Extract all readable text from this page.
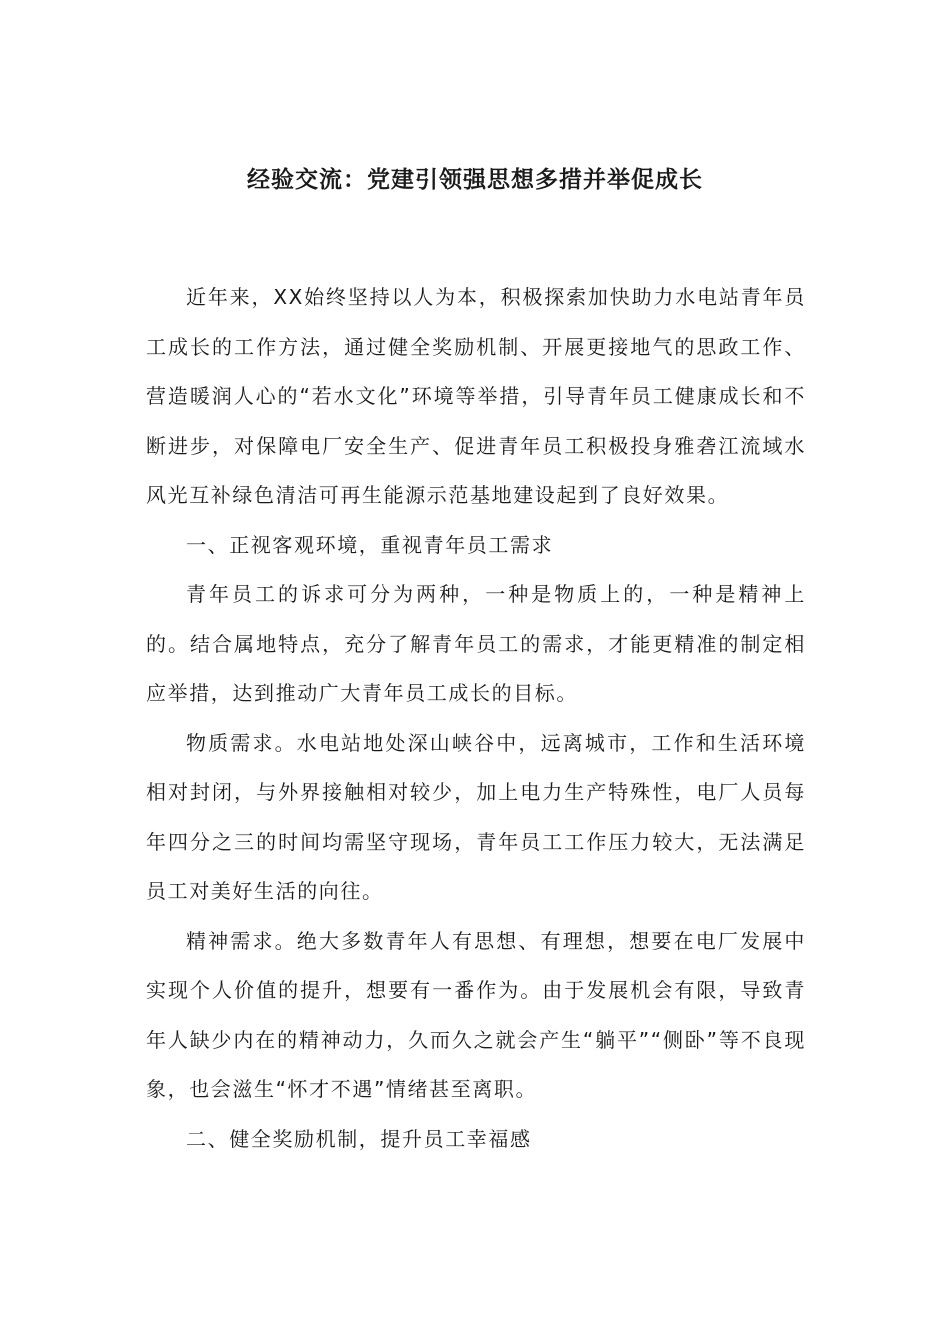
经验交流：党建引领强思想多措并举促成长

近年来，XX始终坚持以人为本，积极探索加快助力水电站青年员工成长的工作方法，通过健全奖励机制、开展更接地气的思政工作、营造暖润人心的“若水文化”环境等举措，引导青年员工健康成长和不断进步，对保障电厂安全生产、促进青年员工积极投身雅砻江流域水风光互补绿色清洁可再生能源示范基地建设起到了良好效果。

一、正视客观环境，重视青年员工需求

青年员工的诉求可分为两种，一种是物质上的，一种是精神上的。结合属地特点，充分了解青年员工的需求，才能更精准的制定相应举措，达到推动广大青年员工成长的目标。

物质需求。水电站地处深山峡谷中，远离城市，工作和生活环境相对封闭，与外界接触相对较少，加上电力生产特殊性，电厂人员每年四分之三的时间均需坚守现场，青年员工工作压力较大，无法满足员工对美好生活的向往。

精神需求。绝大多数青年人有思想、有理想，想要在电厂发展中实现个人价值的提升，想要有一番作为。由于发展机会有限，导致青年人缺少内在的精神动力，久而久之就会产生“躺平”“侧卧”等不良现象，也会滋生“怀才不遇”情绪甚至离职。

二、健全奖励机制，提升员工幸福感
